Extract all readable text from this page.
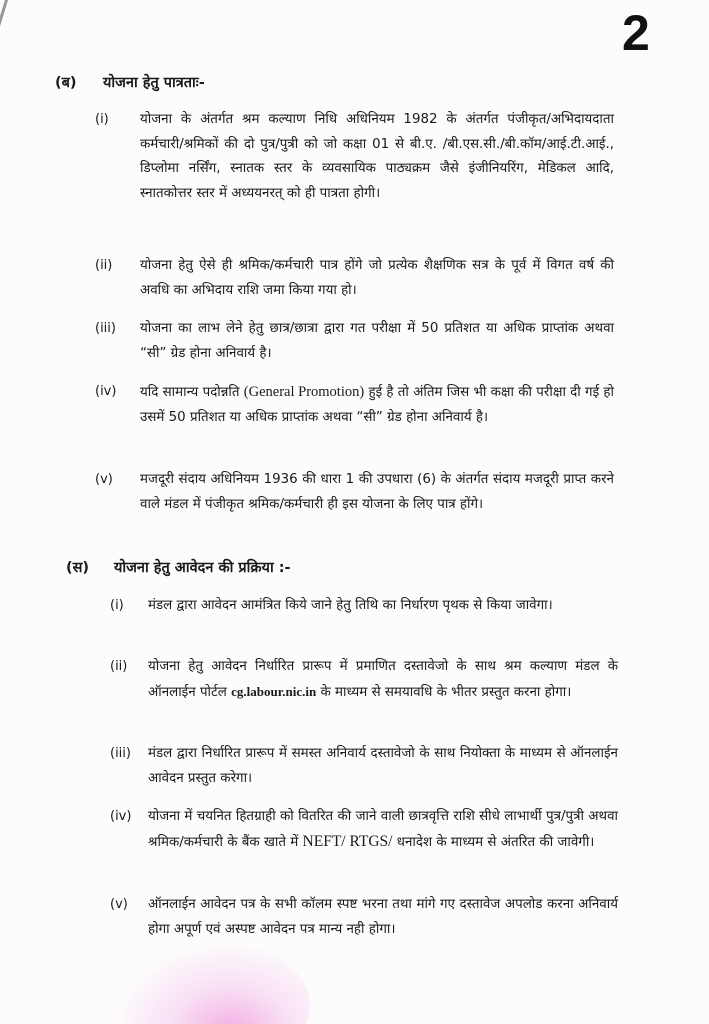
2
(ब) योजना हेतु पात्रताः-
(i) योजना के अंतर्गत श्रम कल्याण निधि अधिनियम 1982 के अंतर्गत पंजीकृत/अभिदायदाता कर्मचारी/श्रमिकों की दो पुत्र/पुत्री को जो कक्षा 01 से बी.ए. /बी.एस.सी./बी.कॉम/आई.टी.आई., डिप्लोमा नर्सिंग, स्नातक स्तर के व्यवसायिक पाठ्यक्रम जैसे इंजीनियरिंग, मेडिकल आदि, स्नातकोत्तर स्तर में अध्ययनरत् को ही पात्रता होगी।
(ii) योजना हेतु ऐसे ही श्रमिक/कर्मचारी पात्र होंगे जो प्रत्येक शैक्षणिक सत्र के पूर्व में विगत वर्ष की अवधि का अभिदाय राशि जमा किया गया हो।
(iii) योजना का लाभ लेने हेतु छात्र/छात्रा द्वारा गत परीक्षा में 50 प्रतिशत या अधिक प्राप्तांक अथवा “सी” ग्रेड होना अनिवार्य है।
(iv) यदि सामान्य पदोन्नति (General Promotion) हुई है तो अंतिम जिस भी कक्षा की परीक्षा दी गई हो उसमें 50 प्रतिशत या अधिक प्राप्तांक अथवा “सी” ग्रेड होना अनिवार्य है।
(v) मजदूरी संदाय अधिनियम 1936 की धारा 1 की उपधारा (6) के अंतर्गत संदाय मजदूरी प्राप्त करने वाले मंडल में पंजीकृत श्रमिक/कर्मचारी ही इस योजना के लिए पात्र होंगे।
(स) योजना हेतु आवेदन की प्रक्रिया :-
(i) मंडल द्वारा आवेदन आमंत्रित किये जाने हेतु तिथि का निर्धारण पृथक से किया जावेगा।
(ii) योजना हेतु आवेदन निर्धारित प्रारूप में प्रमाणित दस्तावेजो के साथ श्रम कल्याण मंडल के ऑनलाईन पोर्टल cg.labour.nic.in के माध्यम से समयावधि के भीतर प्रस्तुत करना होगा।
(iii) मंडल द्वारा निर्धारित प्रारूप में समस्त अनिवार्य दस्तावेजो के साथ नियोक्ता के माध्यम से ऑनलाईन आवेदन प्रस्तुत करेगा।
(iv) योजना में चयनित हितग्राही को वितरित की जाने वाली छात्रवृत्ति राशि सीधे लाभार्थी पुत्र/पुत्री अथवा श्रमिक/कर्मचारी के बैंक खाते में NEFT/ RTGS/ धनादेश के माध्यम से अंतरित की जावेगी।
(v) ऑनलाईन आवेदन पत्र के सभी कॉलम स्पष्ट भरना तथा मांगे गए दस्तावेज अपलोड करना अनिवार्य होगा अपूर्ण एवं अस्पष्ट आवेदन पत्र मान्य नही होगा।
